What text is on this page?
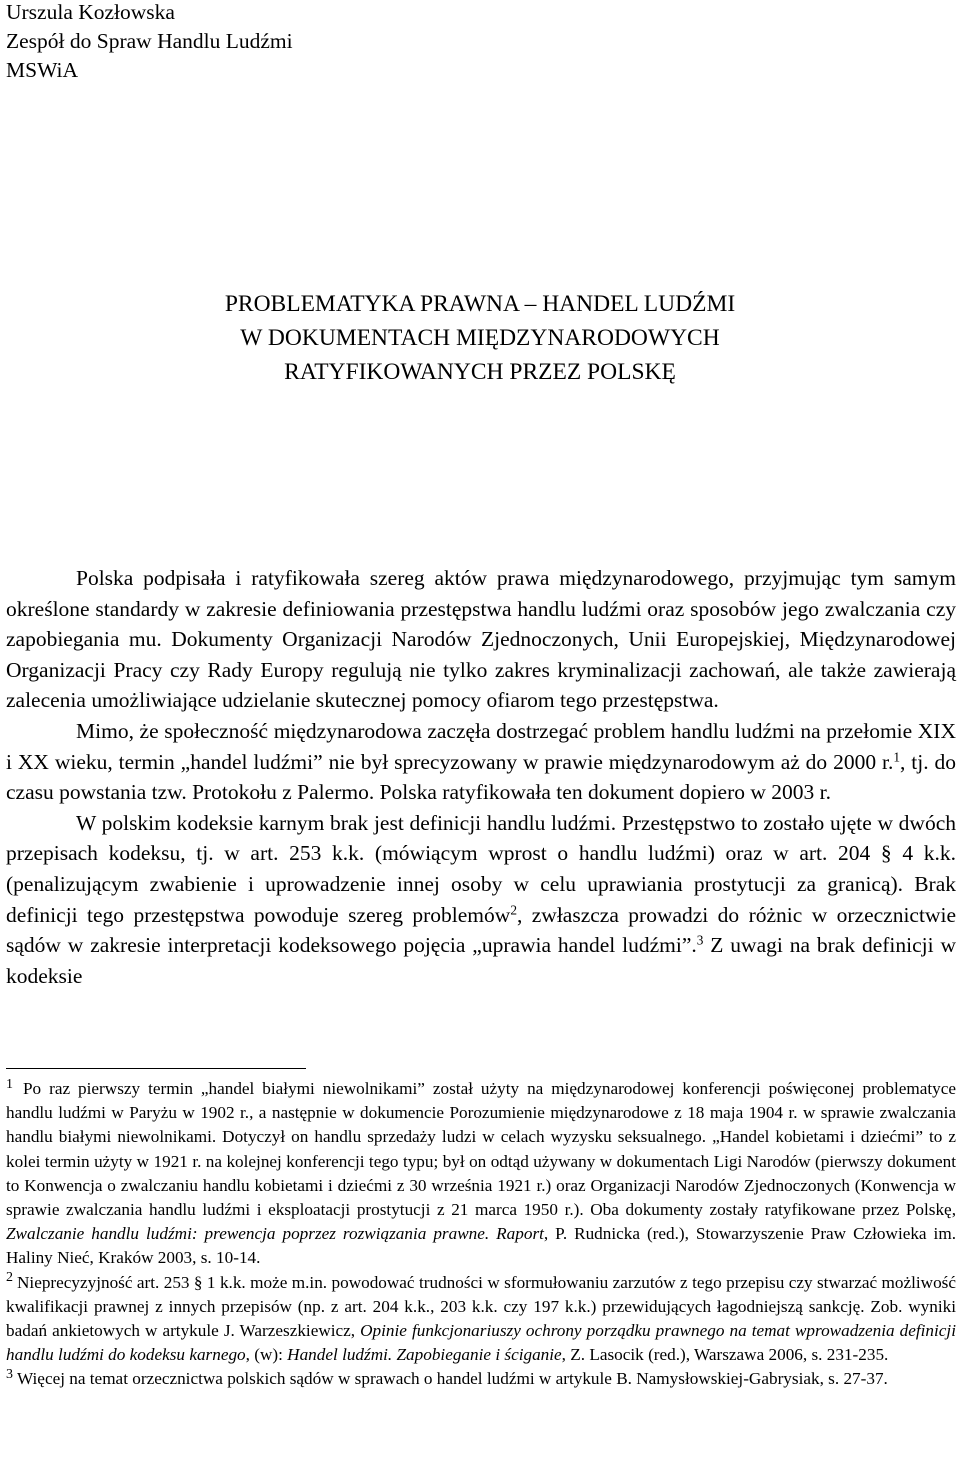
Urszula Kozłowska
Zespół do Spraw Handlu Ludźmi
MSWiA
PROBLEMATYKA PRAWNA – HANDEL LUDŹMI
W DOKUMENTACH MIĘDZYNARODOWYCH
RATYFIKOWANYCH PRZEZ POLSKĘ

Polska podpisała i ratyfikowała szereg aktów prawa międzynarodowego, przyjmując tym samym określone standardy w zakresie definiowania przestępstwa handlu ludźmi oraz sposobów jego zwalczania czy zapobiegania mu. Dokumenty Organizacji Narodów Zjednoczonych, Unii Europejskiej, Międzynarodowej Organizacji Pracy czy Rady Europy regulują nie tylko zakres kryminalizacji zachowań, ale także zawierają zalecenia umożliwiające udzielanie skutecznej pomocy ofiarom tego przestępstwa.

Mimo, że społeczność międzynarodowa zaczęła dostrzegać problem handlu ludźmi na przełomie XIX i XX wieku, termin „handel ludźmi” nie był sprecyzowany w prawie międzynarodowym aż do 2000 r.$^1$, tj. do czasu powstania tzw. Protokołu z Palermo. Polska ratyfikowała ten dokument dopiero w 2003 r.

W polskim kodeksie karnym brak jest definicji handlu ludźmi. Przestępstwo to zostało ujęte w dwóch przepisach kodeksu, tj. w art. 253 k.k. (mówiącym wprost o handlu ludźmi) oraz w art. 204 § 4 k.k. (penalizującym zwabienie i uprowadzenie innej osoby w celu uprawiania prostytucji za granicą). Brak definicji tego przestępstwa powoduje szereg problemów$^2$, zwłaszcza prowadzi do różnic w orzecznictwie sądów w zakresie interpretacji kodeksowego pojęcia „uprawia handel ludźmi”.$^3$ Z uwagi na brak definicji w kodeksie

$^1$ Po raz pierwszy termin „handel białymi niewolnikami” został użyty na międzynarodowej konferencji poświęconej problematyce handlu ludźmi w Paryżu w 1902 r., a następnie w dokumencie Porozumienie międzynarodowe z 18 maja 1904 r. w sprawie zwalczania handlu białymi niewolnikami. Dotyczył on handlu sprzedaży ludzi w celach wyzysku seksualnego. „Handel kobietami i dziećmi” to z kolei termin użyty w 1921 r. na kolejnej konferencji tego typu; był on odtąd używany w dokumentach Ligi Narodów (pierwszy dokument to Konwencja o zwalczaniu handlu kobietami i dziećmi z 30 września 1921 r.) oraz Organizacji Narodów Zjednoczonych (Konwencja w sprawie zwalczania handlu ludźmi i eksploatacji prostytucji z 21 marca 1950 r.). Oba dokumenty zostały ratyfikowane przez Polskę, Zwalczanie handlu ludźmi: prewencja poprzez rozwiązania prawne. Raport, P. Rudnicka (red.), Stowarzyszenie Praw Człowieka im. Haliny Nieć, Kraków 2003, s. 10-14.

$^2$ Nieprecyzyjność art. 253 § 1 k.k. może m.in. powodować trudności w sformułowaniu zarzutów z tego przepisu czy stwarzać możliwość kwalifikacji prawnej z innych przepisów (np. z art. 204 k.k., 203 k.k. czy 197 k.k.) przewidujących łagodniejszą sankcję. Zob. wyniki badań ankietowych w artykule J. Warzeszkiewicz, Opinie funkcjonariuszy ochrony porządku prawnego na temat wprowadzenia definicji handlu ludźmi do kodeksu karnego, (w): Handel ludźmi. Zapobieganie i ściganie, Z. Lasocik (red.), Warszawa 2006, s. 231-235.

$^3$ Więcej na temat orzecznictwa polskich sądów w sprawach o handel ludźmi w artykule B. Namysłowskiej-Gabrysiak, s. 27-37.
